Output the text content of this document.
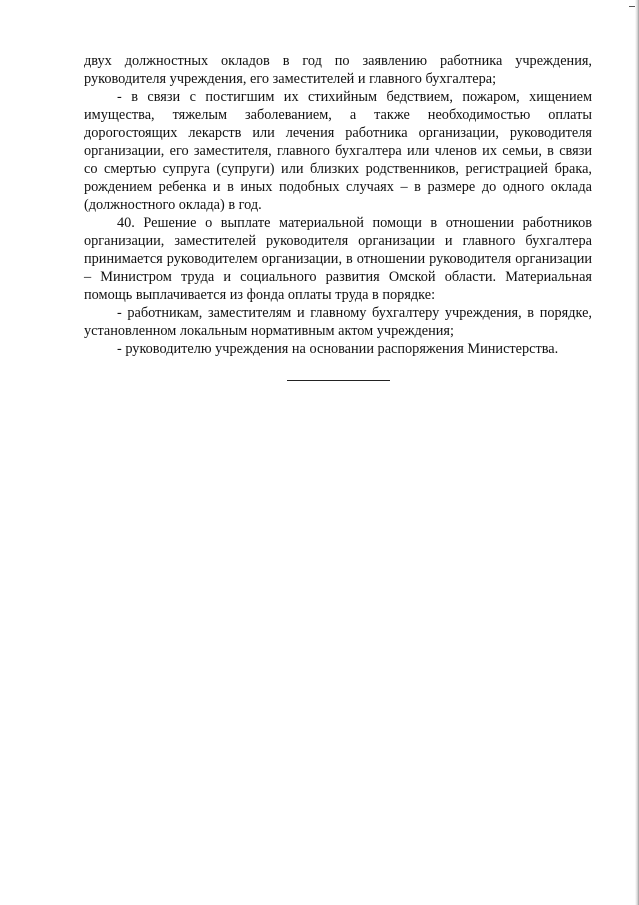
двух должностных окладов в год по заявлению работника учреждения, руководителя учреждения, его заместителей и главного бухгалтера;

- в связи с постигшим их стихийным бедствием, пожаром, хищением имущества, тяжелым заболеванием, а также необходимостью оплаты дорогостоящих лекарств или лечения работника организации, руководителя организации, его заместителя, главного бухгалтера или членов их семьи, в связи со смертью супруга (супруги) или близких родственников, регистрацией брака, рождением ребенка и в иных подобных случаях – в размере до одного оклада (должностного оклада) в год.

40. Решение о выплате материальной помощи в отношении работников организации, заместителей руководителя организации и главного бухгалтера принимается руководителем организации, в отношении руководителя организации – Министром труда и социального развития Омской области. Материальная помощь выплачивается из фонда оплаты труда в порядке:

- работникам, заместителям и главному бухгалтеру учреждения, в порядке, установленном локальным нормативным актом учреждения;

- руководителю учреждения на основании распоряжения Министерства.
